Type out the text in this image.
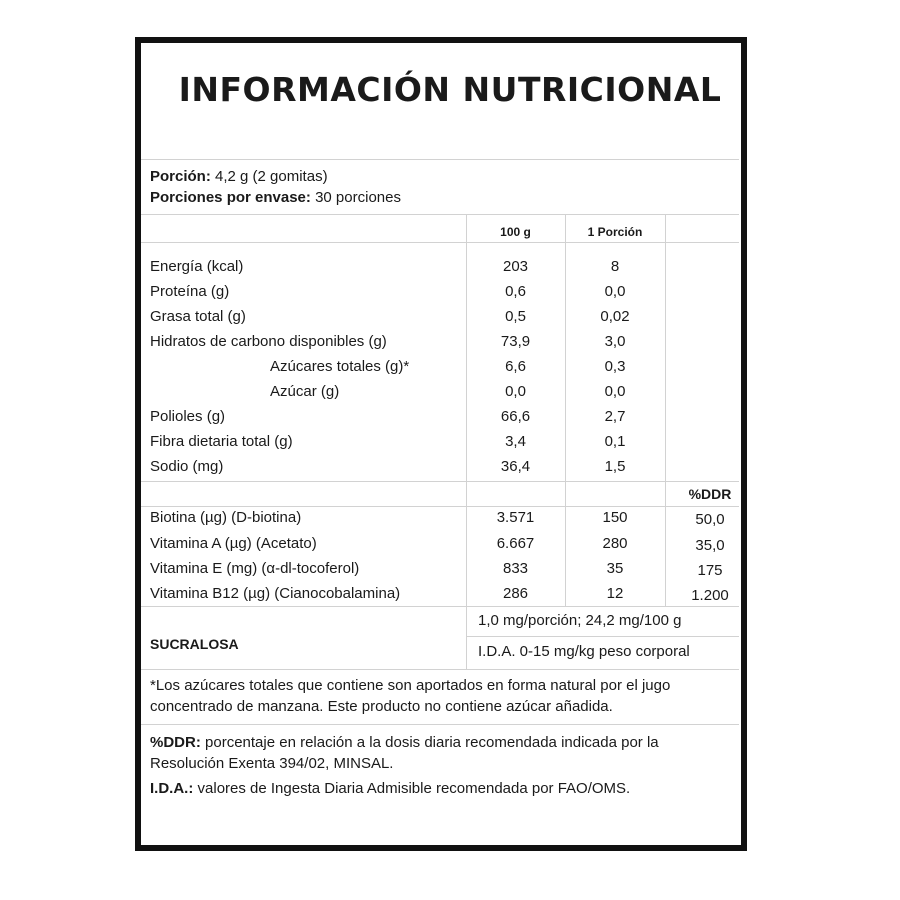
INFORMACIÓN NUTRICIONAL
Porción: 4,2 g (2 gomitas)
Porciones por envase: 30 porciones
100 g	1 Porción
%DDR
Energía (kcal)	203	8
Proteína (g)	0,6	0,0
Grasa total (g)	0,5	0,02
Hidratos de carbono disponibles (g)	73,9	3,0
Azúcares totales (g)*	6,6	0,3
Azúcar (g)	0,0	0,0
Polioles (g)	66,6	2,7
Fibra dietaria total (g)	3,4	0,1
Sodio (mg)	36,4	1,5
Biotina (µg) (D-biotina)	3.571	150	50,0
Vitamina A (µg) (Acetato)	6.667	280	35,0
Vitamina E (mg) (α-dl-tocoferol)	833	35	175
Vitamina B12 (µg) (Cianocobalamina)	286	12	1.200
SUCRALOSA
1,0 mg/porción; 24,2 mg/100 g
I.D.A. 0-15 mg/kg peso corporal
*Los azúcares totales que contiene son aportados en forma natural por el jugo
concentrado de manzana. Este producto no contiene azúcar añadida.
%DDR: porcentaje en relación a la dosis diaria recomendada indicada por la
Resolución Exenta 394/02, MINSAL.
I.D.A.: valores de Ingesta Diaria Admisible recomendada por FAO/OMS.
